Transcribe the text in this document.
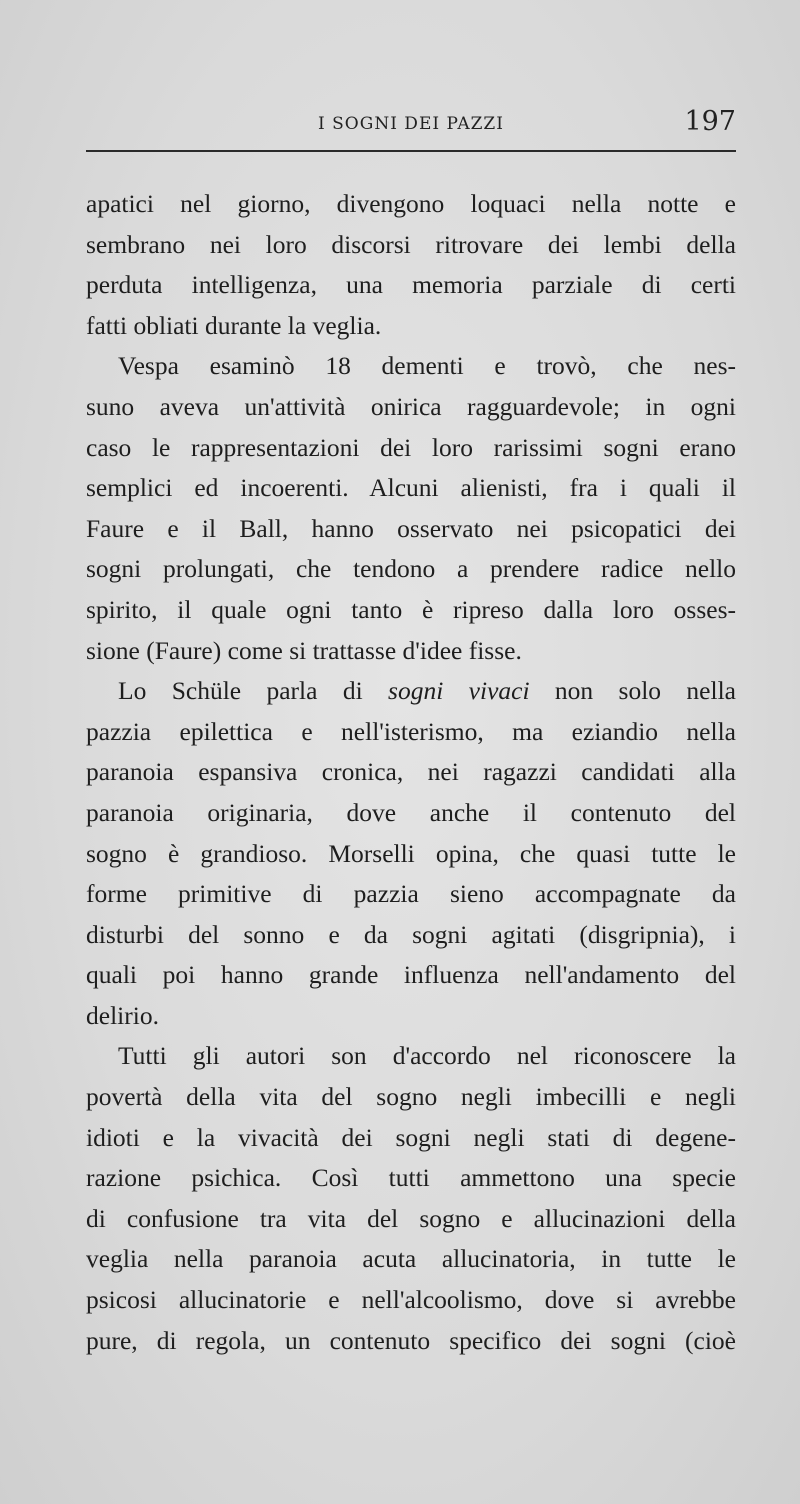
I SOGNI DEI PAZZI	197
apatici nel giorno, divengono loquaci nella notte e
sembrano nei loro discorsi ritrovare dei lembi della
perduta intelligenza, una memoria parziale di certi
fatti obliati durante la veglia.
Vespa esaminò 18 dementi e trovò, che nes-
suno aveva un'attività onirica ragguardevole; in ogni
caso le rappresentazioni dei loro rarissimi sogni erano
semplici ed incoerenti. Alcuni alienisti, fra i quali il
Faure e il Ball, hanno osservato nei psicopatici dei
sogni prolungati, che tendono a prendere radice nello
spirito, il quale ogni tanto è ripreso dalla loro osses-
sione (Faure) come si trattasse d'idee fisse.
Lo Schüle parla di sogni vivaci non solo nella
pazzia epilettica e nell'isterismo, ma eziandio nella
paranoia espansiva cronica, nei ragazzi candidati alla
paranoia originaria, dove anche il contenuto del
sogno è grandioso. Morselli opina, che quasi tutte le
forme primitive di pazzia sieno accompagnate da
disturbi del sonno e da sogni agitati (disgripnia), i
quali poi hanno grande influenza nell'andamento del
delirio.
Tutti gli autori son d'accordo nel riconoscere la
povertà della vita del sogno negli imbecilli e negli
idioti e la vivacità dei sogni negli stati di degene-
razione psichica. Così tutti ammettono una specie
di confusione tra vita del sogno e allucinazioni della
veglia nella paranoia acuta allucinatoria, in tutte le
psicosi allucinatorie e nell'alcoolismo, dove si avrebbe
pure, di regola, un contenuto specifico dei sogni (cioè
